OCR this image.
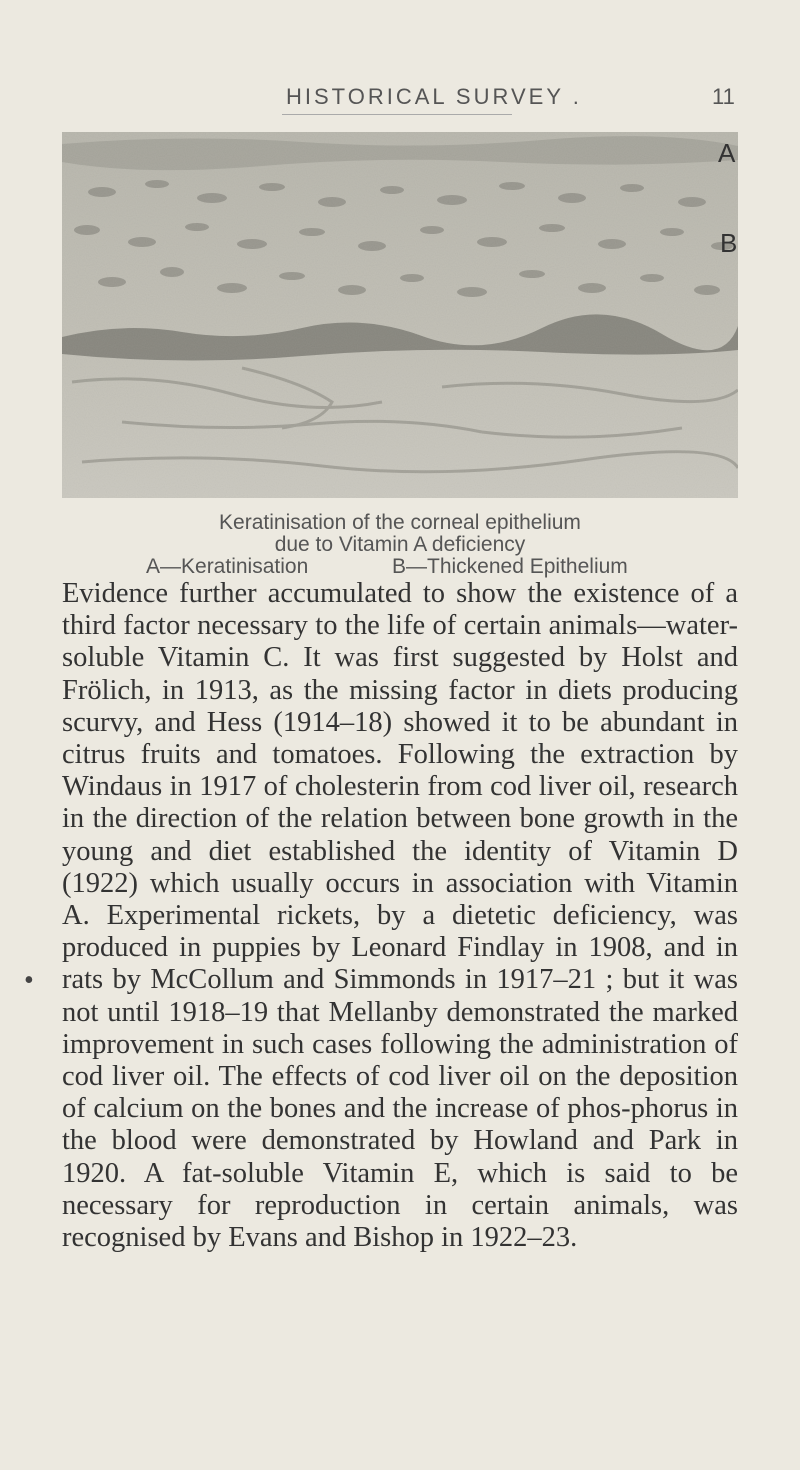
HISTORICAL SURVEY .	11
A
B
Keratinisation of the corneal epithelium
due to Vitamin A deficiency
A—Keratinisation	B—Thickened Epithelium

Evidence further accumulated to show the existence of a third factor necessary to the life of certain animals—water-soluble Vitamin C. It was first suggested by Holst and Frölich, in 1913, as the missing factor in diets producing scurvy, and Hess (1914–18) showed it to be abundant in citrus fruits and tomatoes. Following the extraction by Windaus in 1917 of cholesterin from cod liver oil, research in the direction of the relation between bone growth in the young and diet established the identity of Vitamin D (1922) which usually occurs in association with Vitamin A. Experimental rickets, by a dietetic deficiency, was produced in puppies by Leonard Findlay in 1908, and in rats by McCollum and Simmonds in 1917–21 ; but it was not until 1918–19 that Mellanby demonstrated the marked improvement in such cases following the administration of cod liver oil. The effects of cod liver oil on the deposition of calcium on the bones and the increase of phos-phorus in the blood were demonstrated by Howland and Park in 1920. A fat-soluble Vitamin E, which is said to be necessary for reproduction in certain animals, was recognised by Evans and Bishop in 1922–23.

•
